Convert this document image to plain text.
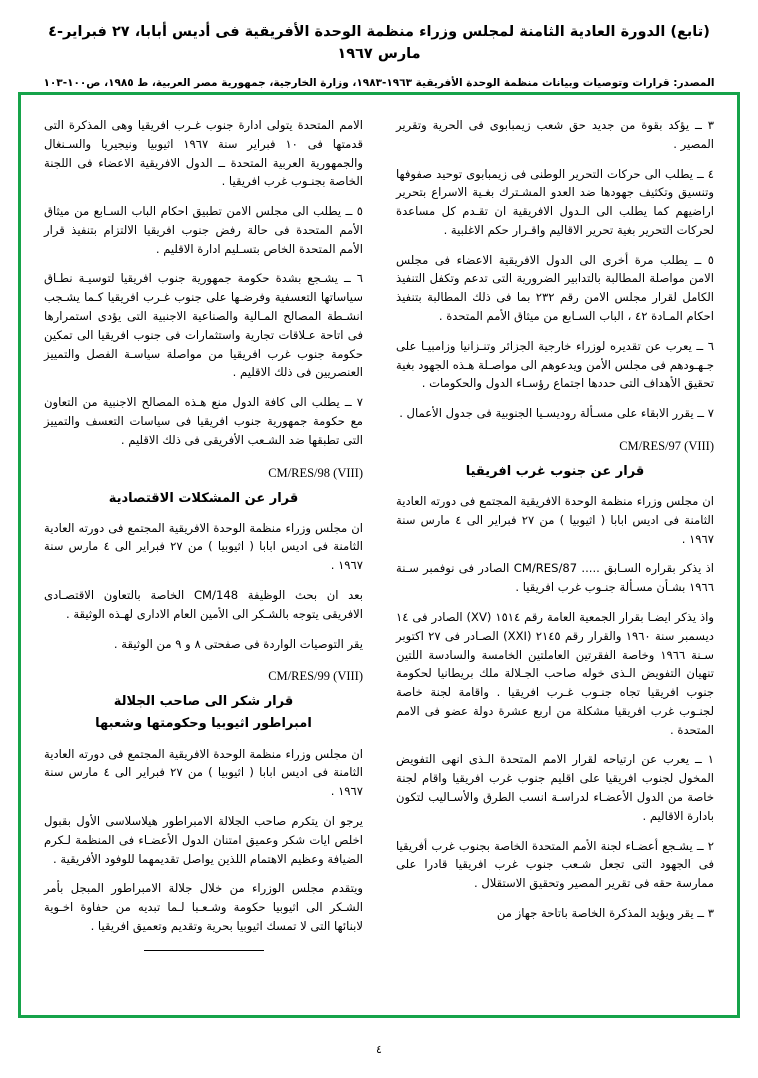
(تابع) الدورة العادية الثامنة لمجلس وزراء منظمة الوحدة الأفريقية فى أديس أبابا، ٢٧ فبراير-٤ مارس ١٩٦٧
المصدر: قرارات وتوصيات وبيانات منظمة الوحدة الأفريقية ١٩٦٣-١٩٨٣، وزارة الخارجية، جمهورية مصر العربية، ط ١٩٨٥، ص١٠٠-١٠٣

٣ ــ يؤكد بقوة من جديد حق شعب زيمبابوى فى الحرية وتقرير المصير .

٤ ــ يطلب الى حركات التحرير الوطنى فى زيمبابوى توحيد صفوفها وتنسيق وتكثيف جهودها ضد العدو المشـترك بغـية الاسراع بتحرير اراضيهم كما يطلب الى الـدول الافريقية ان تقـدم كل مساعدة لحركات التحرير بغية تحرير الاقاليم واقـرار حكم الاغلبية .

٥ ــ يطلب مرة أخرى الى الدول الافريقية الاعضاء فى مجلس الامن مواصلة المطالبة بالتدابير الضرورية التى تدعم وتكفل التنفيذ الكامل لقرار مجلس الامن رقم ٢٣٢ بما فى ذلك المطالبة بتنفيذ احكام المـادة ٤٢ ، الباب السـابع من ميثاق الأمم المتحدة .

٦ ــ يعرب عن تقديره لوزراء خارجية الجزائر وتنـزانيا وزامبيـا على جـهـودهم فى مجلس الأمن ويدعوهم الى مواصـلة هـذه الجهود بغية تحقيق الأهداف التى حددها اجتماع رؤسـاء الدول والحكومات .

٧ ــ يقرر الابقاء على مسـألة روديسـيا الجنوبية فى جدول الأعمال .

CM/RES/97 (VIII)
قرار عن جنوب غرب افريقيا

ان مجلس وزراء منظمة الوحدة الافريقية المجتمع فى دورته العادية الثامنة فى اديس ابابا ( اثيوبيا ) من ٢٧ فبراير الى ٤ مارس سنة ١٩٦٧ .

اذ يذكر بقراره السـابق ..... CM/RES/87 الصادر فى نوفمبر سـنة ١٩٦٦ بشـأن مسـألة جنـوب غرب افريقيا .

واذ يذكر ايضـا بقرار الجمعية العامة رقم ١٥١٤ (XV) الصادر فى ١٤ ديسمبر سنة ١٩٦٠ والقرار رقم ٢١٤٥ (XXI) الصـادر فى ٢٧ اكتوبر سـنة ١٩٦٦ وخاصة الفقرتين العاملتين الخامسة والسادسة اللتين تنهيان التفويض الـذى خوله صاحب الجـلالة ملك بريطانيا لحكومة جنوب افريقيا تجاه جنـوب غـرب افريقيا . واقامة لجنة خاصة لجنـوب غرب افريقيا مشكلة من اربع عشرة دولة عضو فى الامم المتحدة .

١ ــ يعرب عن ارتياحه لقرار الامم المتحدة الـذى انهى التفويض المخول لجنوب افريقيا على اقليم جنوب غرب افريقيا واقام لجنة خاصة من الدول الأعضـاء لدراسـة انسب الطرق والأسـاليب لتكون بادارة الاقاليم .

٢ ــ يشـجع أعضـاء لجنة الأمم المتحدة الخاصة بجنوب غرب أفريقيا فى الجهود التى تجعل شـعب جنوب غرب افريقيا قادرا على ممارسة حقه فى تقرير المصير وتحقيق الاستقلال .

٣ ــ يقر ويؤيد المذكرة الخاصة باتاحة جهاز من

الامم المتحدة يتولى ادارة جنوب غـرب افريقيا وهى المذكرة التى قدمتها فى ١٠ فبراير سنة ١٩٦٧ اثيوبيا ونيجيريا والسـنغال والجمهورية العربية المتحدة ــ الدول الافريقية الاعضاء فى اللجنة الخاصة بجنـوب غرب افريقيا .

٥ ــ يطلب الى مجلس الامن تطبيق احكام الباب السـابع من ميثاق الأمم المتحدة فى حالة رفض جنوب افريقيا الالتزام بتنفيذ قرار الأمم المتحدة الخاص بتسـليم ادارة الاقليم .

٦ ــ يشـجع بشدة حكومة جمهورية جنوب افريقيا لتوسيـة نطـاق سياساتها التعسفية وفرضـها على جنوب غـرب افريقيا كـما يشـجب انشـطة المصالح المـالية والصناعية الاجنبية التى يؤدى استمرارها فى اتاحة عـلاقات تجارية واستثمارات فى جنوب افريقيا الى تمكين حكومة جنوب غرب افريقيا من مواصلة سياسـة الفصل والتمييز العنصريين فى ذلك الاقليم .

٧ ــ يطلب الى كافة الدول منع هـذه المصالح الاجنبية من التعاون مع حكومة جمهورية جنوب افريقيا فى سياسات التعسف والتمييز التى تطبقها ضد الشـعب الأفريقى فى ذلك الاقليم .

CM/RES/98 (VIII)
قرار عن المشكلات الاقتصادية

ان مجلس وزراء منظمة الوحدة الافريقية المجتمع فى دورته العادية الثامنة فى اديس ابابا ( اثيوبيا ) من ٢٧ فبراير الى ٤ مارس سنة ١٩٦٧ .

بعد ان بحث الوظيفة CM/148 الخاصة بالتعاون الاقتصـادى الافريقى يتوجه بالشـكر الى الأمين العام الادارى لهـذه الوثيقة .

يقر التوصيات الواردة فى صفحتى ٨ و ٩ من الوثيقة .

CM/RES/99 (VIII)
قرار شكر الى صاحب الجلالة
امبراطور اثيوبيا وحكومتها وشعبها

ان مجلس وزراء منظمة الوحدة الافريقية المجتمع فى دورته العادية الثامنة فى اديس ابابا ( اثيوبيا ) من ٢٧ فبراير الى ٤ مارس سنة ١٩٦٧ .

يرجو ان يتكرم صاحب الجلالة الامبراطور هيلاسلاسى الأول بقبول اخلص ايات شكر وعميق امتنان الدول الأعضـاء فى المنظمة لـكرم الضيافة وعظيم الاهتمام اللذين يواصل تقديمهما للوفود الأفريقية .

ويتقدم مجلس الوزراء من خلال جلالة الامبراطور المبجل بأمر الشـكر الى اثيوبيا حكومة وشـعـبا لـما تبديه من حفاوة اخـوية لابنائها التى لا تمسك اثيوبيا بحرية وتقديم وتعميق افريقيا .

٤
